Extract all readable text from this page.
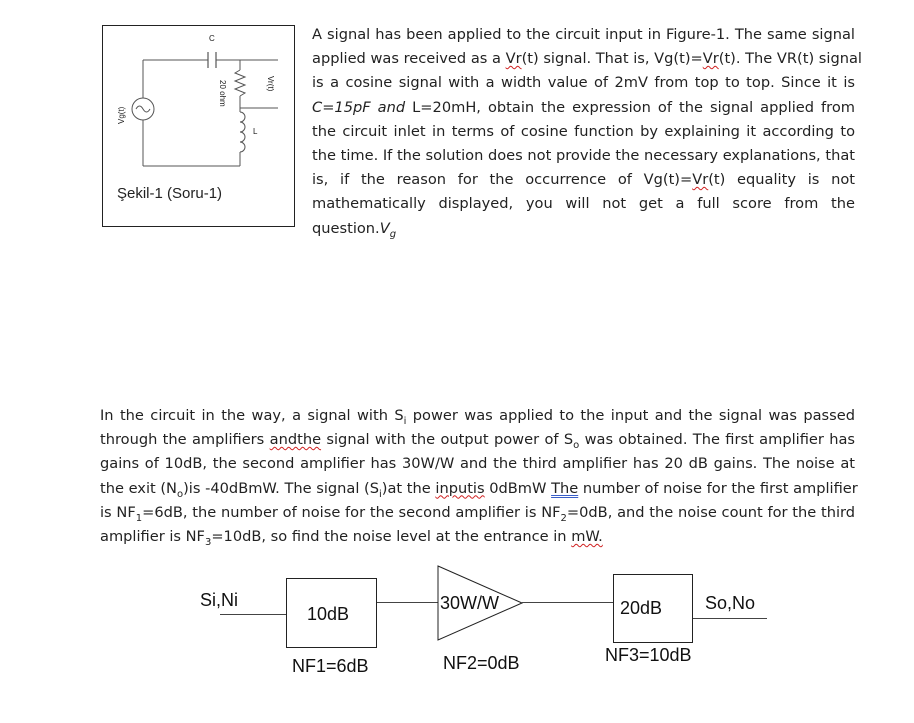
C
20 ohm
L
Vr(t)
Vg(t)
Şekil-1 (Soru-1)
A signal has been applied to the circuit input in Figure-1. The same signal
applied was received as a Vr(t) signal. That is, Vg(t)=Vr(t). The VR(t) signal
is a cosine signal with a width value of 2mV from top to top. Since it is
C=15pF and L=20mH, obtain the expression of the signal applied from
the circuit inlet in terms of cosine function by explaining it according to
the time. If the solution does not provide the necessary explanations, that
is, if the reason for the occurrence of Vg(t)=Vr(t) equality is not
mathematically displayed, you will not get a full score from the
$question.V_g$
In the circuit in the way, a signal with $S_i$ power was applied to the input and the signal was passed
through the amplifiers andthe signal with the output power of $S_o$ was obtained. The first amplifier has
gains of 10dB, the second amplifier has 30W/W and the third amplifier has 20 dB gains. The noise at
the exit $(N_o)is$ -40dBmW. The signal $(S_i)at$ the inputis 0dBmW The number of noise for the first amplifier
is $NF_1=6dB$, the number of noise for the second amplifier is $NF_2=0dB$, and the noise count for the third
amplifier is $NF_3=10dB$, so find the noise level at the entrance in mW.
Si,Ni
10dB
30W/W	20dB So,No
NF1=6dB	NF2=0dB	NF3=10dB
